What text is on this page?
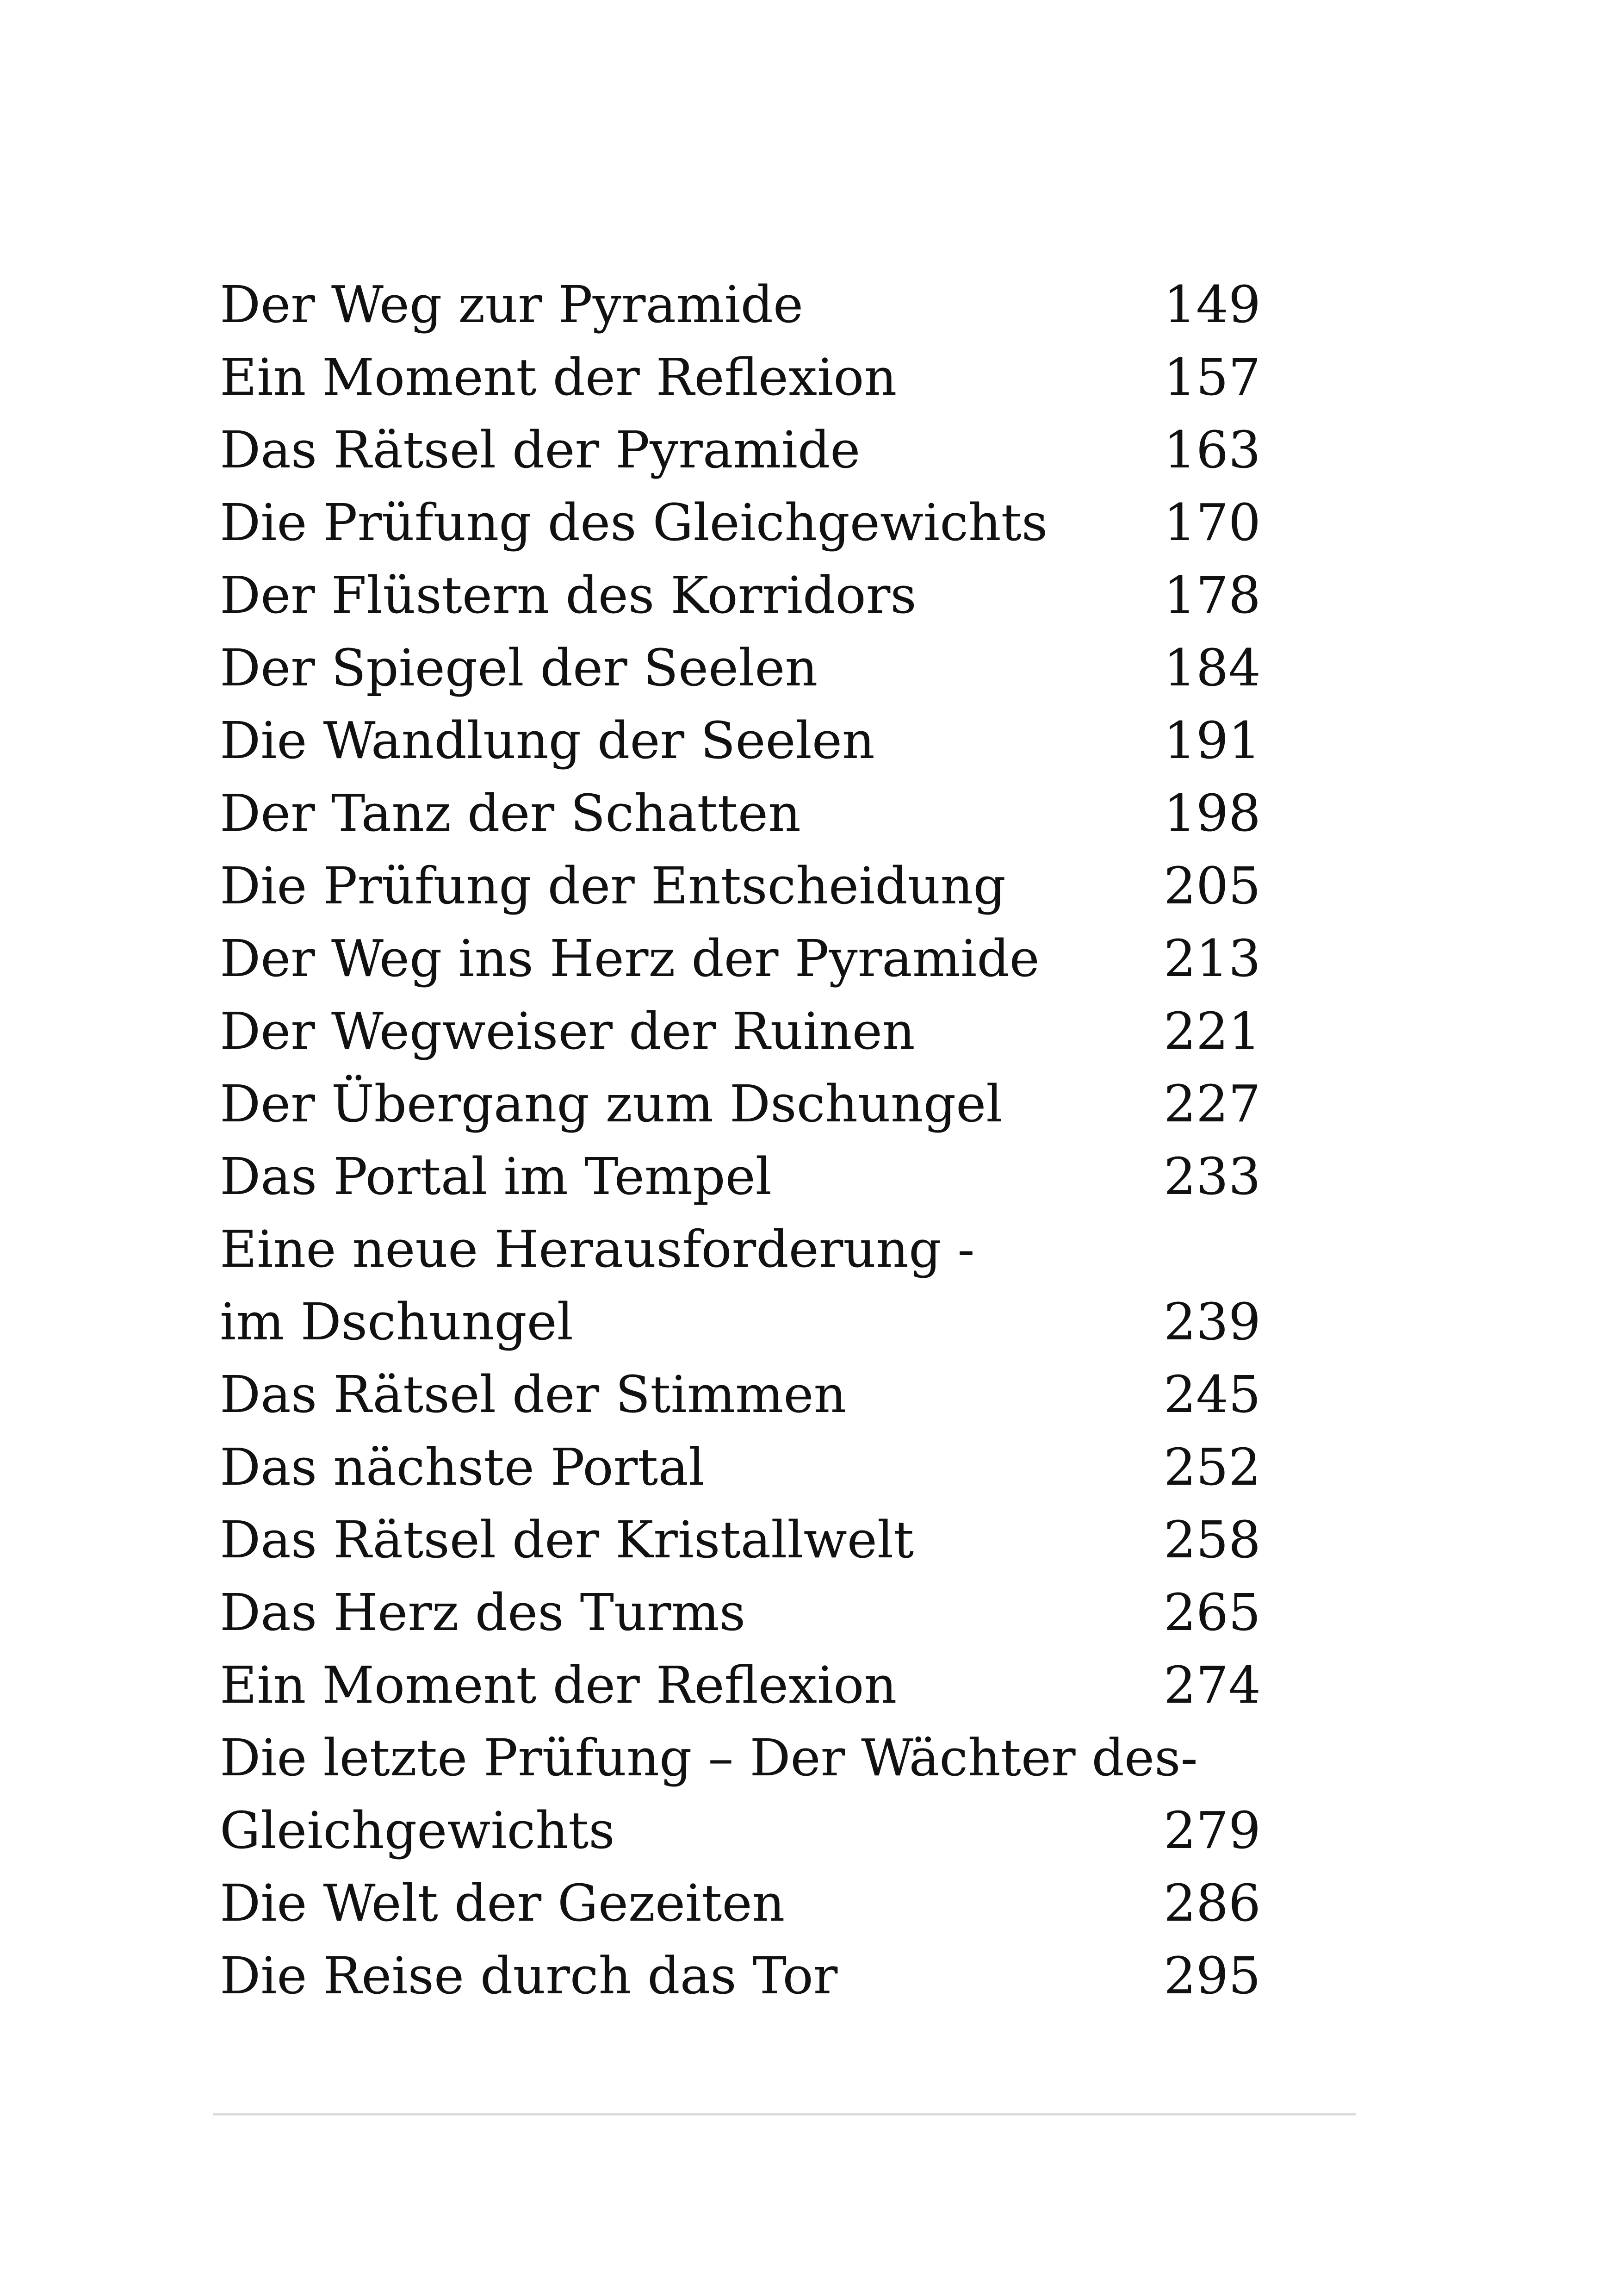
Der Weg zur Pyramide	149
Ein Moment der Reflexion	157
Das Rätsel der Pyramide	163
Die Prüfung des Gleichgewichts 170
Der Flüstern des Korridors	178
Der Spiegel der Seelen	184
Die Wandlung der Seelen	191
Der Tanz der Schatten	198
Die Prüfung der Entscheidung	205
Der Weg ins Herz der Pyramide 213
Der Wegweiser der Ruinen	221
Der Übergang zum Dschungel	227
Das Portal im Tempel	233
Eine neue Herausforderung -
im Dschungel	239
Das Rätsel der Stimmen	245
Das nächste Portal	252
Das Rätsel der Kristallwelt	258
Das Herz des Turms	265
Ein Moment der Reflexion	274
Die letzte Prüfung – Der Wächter des-
Gleichgewichts	279
Die Welt der Gezeiten	286
Die Reise durch das Tor	295
